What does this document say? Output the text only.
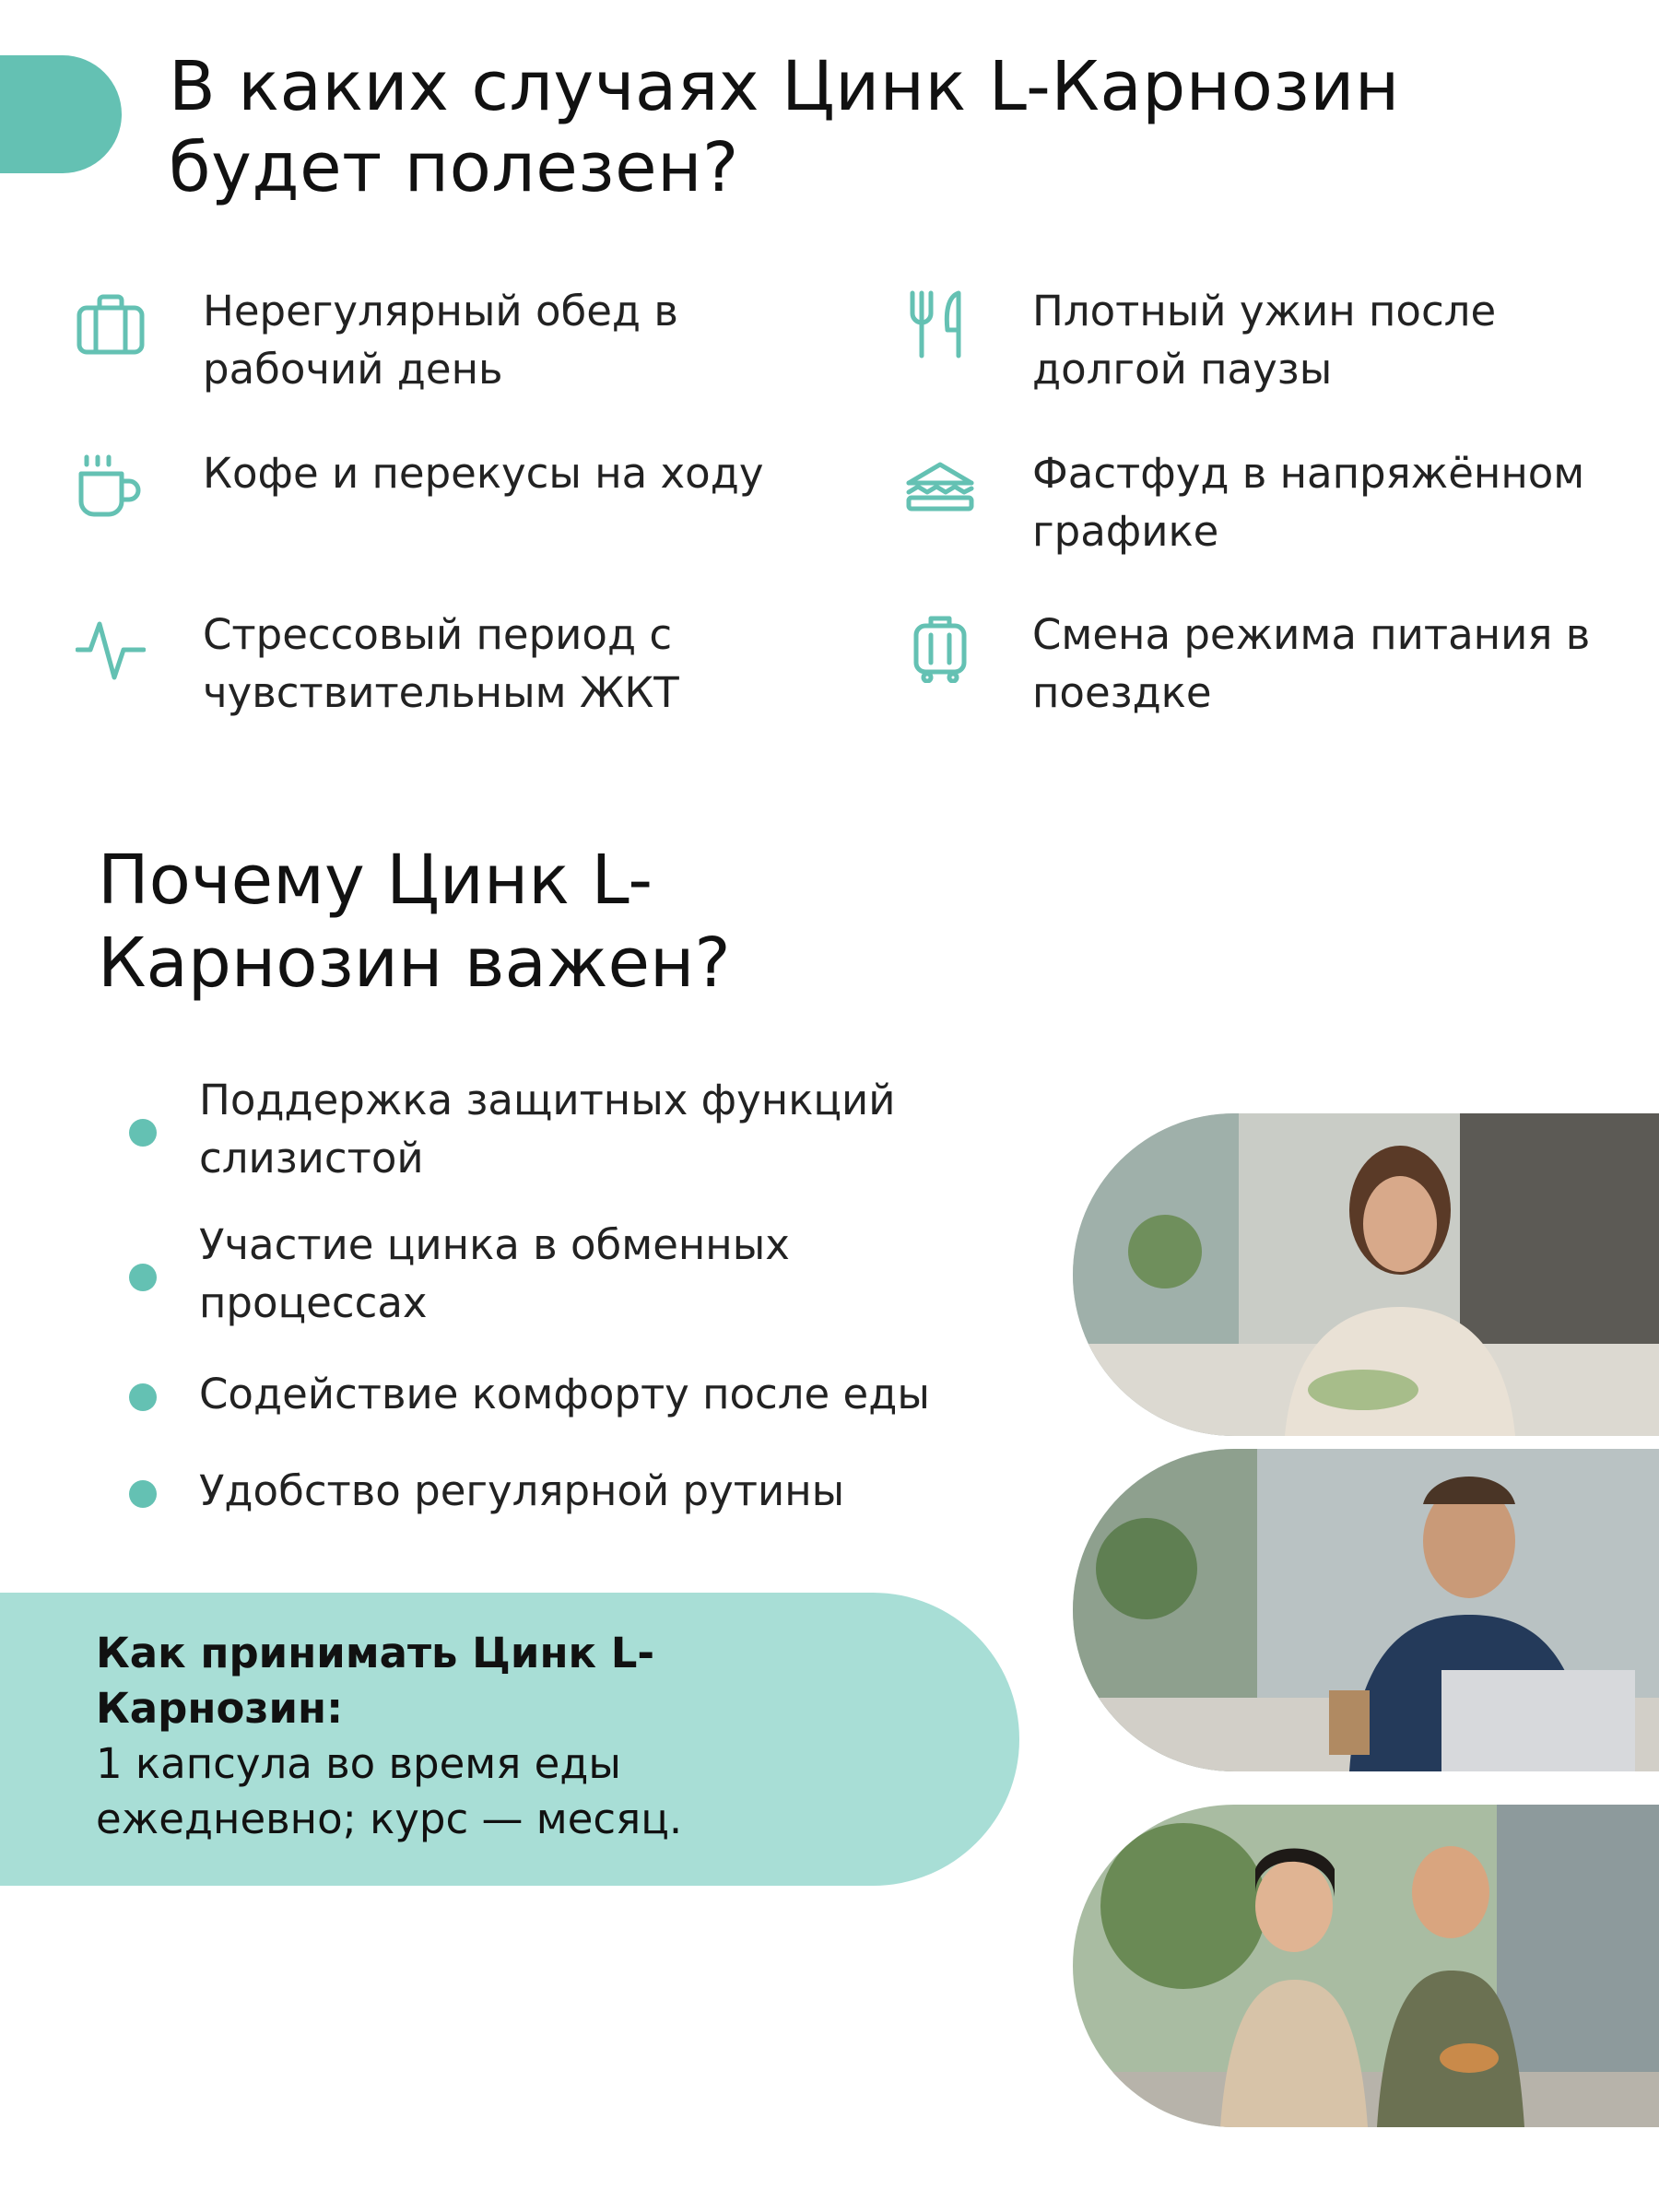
В каких случаях Цинк L-Карнозин будет полезен?
Нерегулярный обед в рабочий день
Плотный ужин после долгой паузы
Кофе и перекусы на ходу	Фастфуд в напряжённом графике
Стрессовый период с чувствительным ЖКТ
Смена режима питания в поездке
Почему Цинк L-Карнозин важен?
Поддержка защитных функций слизистой
Участие цинка в обменных процессах
Содействие комфорту после еды
Удобство регулярной рутины
Как принимать Цинк L-Карнозин:
1 капсула во время еды ежедневно; курс — месяц.
